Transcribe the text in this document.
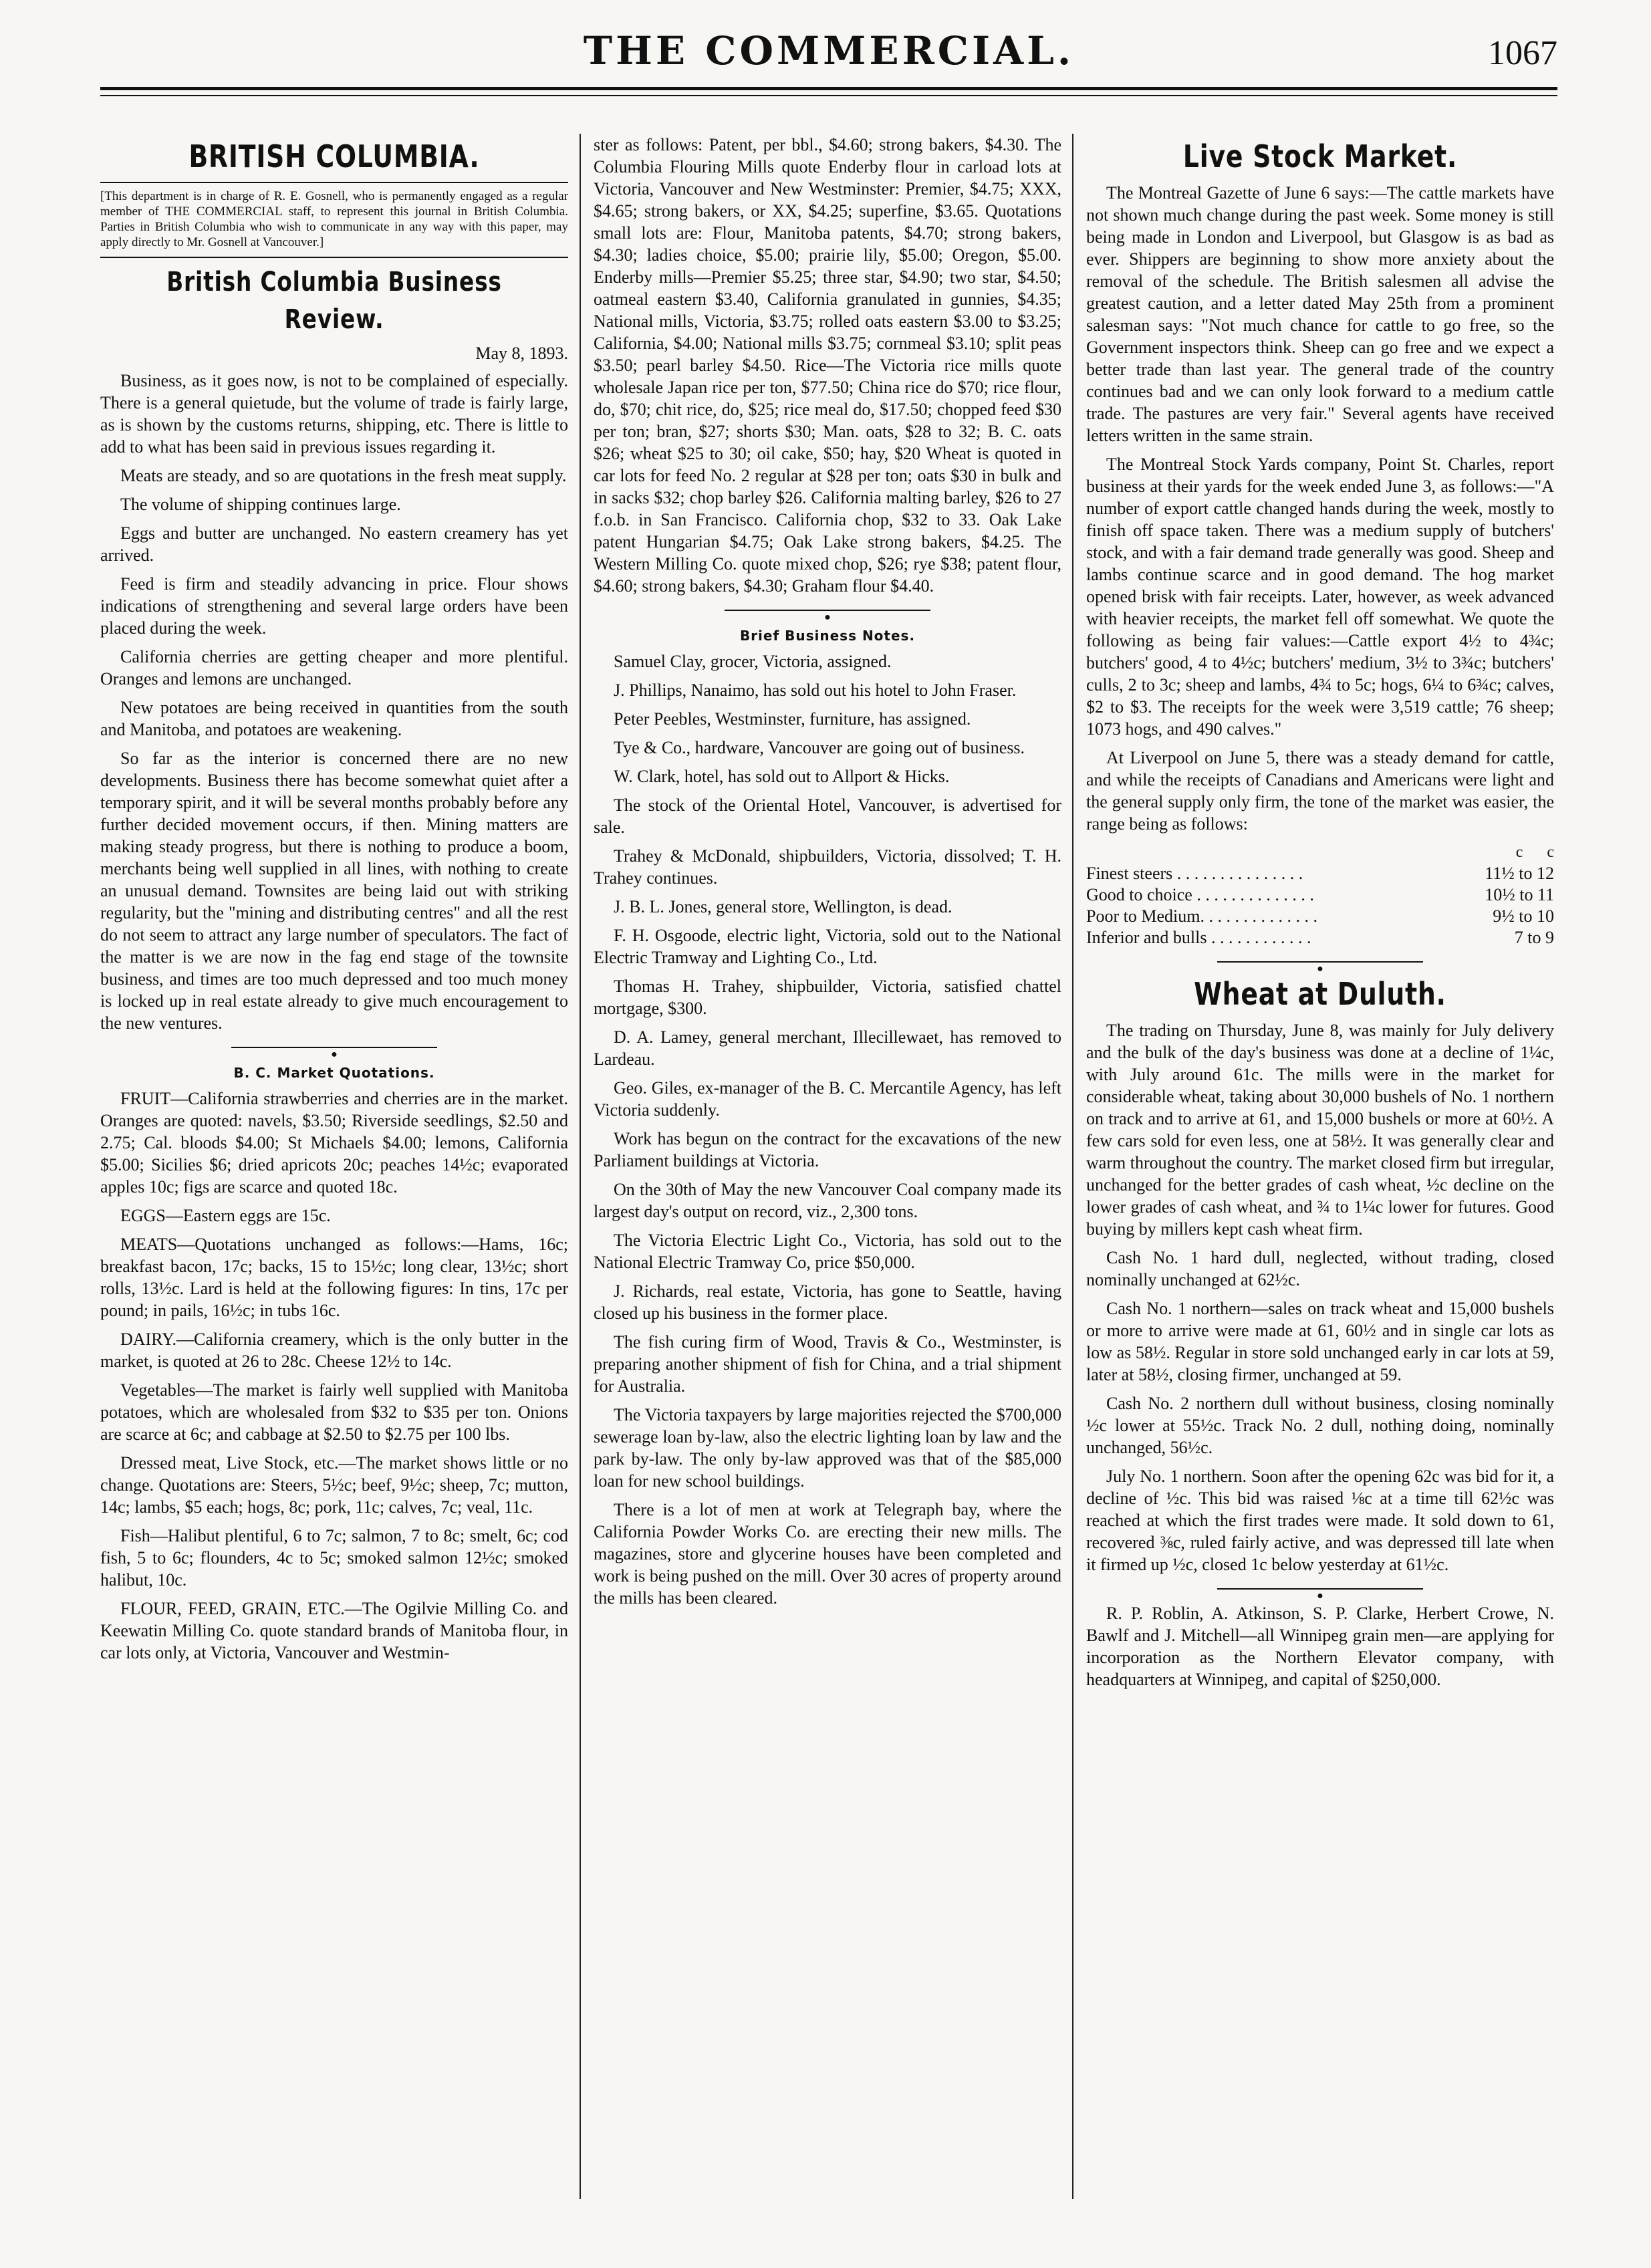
THE COMMERCIAL.	1067
BRITISH COLUMBIA.

[This department is in charge of R. E. Gosnell, who is permanently engaged as a regular member of THE COMMERCIAL staff, to represent this journal in British Columbia. Parties in British Columbia who wish to communicate in any way with this paper, may apply directly to Mr. Gosnell at Vancouver.]

British Columbia Business Review.
May 8, 1893.

Business, as it goes now, is not to be complained of especially. There is a general quietude, but the volume of trade is fairly large, as is shown by the customs returns, shipping, etc. There is little to add to what has been said in previous issues regarding it.

Meats are steady, and so are quotations in the fresh meat supply.

The volume of shipping continues large.

Eggs and butter are unchanged. No eastern creamery has yet arrived.

Feed is firm and steadily advancing in price. Flour shows indications of strengthening and several large orders have been placed during the week.

California cherries are getting cheaper and more plentiful. Oranges and lemons are unchanged.

New potatoes are being received in quantities from the south and Manitoba, and potatoes are weakening.

So far as the interior is concerned there are no new developments. Business there has become somewhat quiet after a temporary spirit, and it will be several months probably before any further decided movement occurs, if then. Mining matters are making steady progress, but there is nothing to produce a boom, merchants being well supplied in all lines, with nothing to create an unusual demand. Townsites are being laid out with striking regularity, but the "mining and distributing centres" and all the rest do not seem to attract any large number of speculators. The fact of the matter is we are now in the fag end stage of the townsite business, and times are too much depressed and too much money is locked up in real estate already to give much encouragement to the new ventures.

●
B. C. Market Quotations.

FRUIT—California strawberries and cherries are in the market. Oranges are quoted: navels, $3.50; Riverside seedlings, $2.50 and 2.75; Cal. bloods $4.00; St Michaels $4.00; lemons, California $5.00; Sicilies $6; dried apricots 20c; peaches 14½c; evaporated apples 10c; figs are scarce and quoted 18c.

EGGS—Eastern eggs are 15c.

MEATS—Quotations unchanged as follows:—Hams, 16c; breakfast bacon, 17c; backs, 15 to 15½c; long clear, 13½c; short rolls, 13½c. Lard is held at the following figures: In tins, 17c per pound; in pails, 16½c; in tubs 16c.

DAIRY.—California creamery, which is the only butter in the market, is quoted at 26 to 28c. Cheese 12½ to 14c.

Vegetables—The market is fairly well supplied with Manitoba potatoes, which are wholesaled from $32 to $35 per ton. Onions are scarce at 6c; and cabbage at $2.50 to $2.75 per 100 lbs.

Dressed meat, Live Stock, etc.—The market shows little or no change. Quotations are: Steers, 5½c; beef, 9½c; sheep, 7c; mutton, 14c; lambs, $5 each; hogs, 8c; pork, 11c; calves, 7c; veal, 11c.

Fish—Halibut plentiful, 6 to 7c; salmon, 7 to 8c; smelt, 6c; cod fish, 5 to 6c; flounders, 4c to 5c; smoked salmon 12½c; smoked halibut, 10c.

FLOUR, FEED, GRAIN, ETC.—The Ogilvie Milling Co. and Keewatin Milling Co. quote standard brands of Manitoba flour, in car lots only, at Victoria, Vancouver and Westmin-

ster as follows: Patent, per bbl., $4.60; strong bakers, $4.30. The Columbia Flouring Mills quote Enderby flour in carload lots at Victoria, Vancouver and New Westminster: Premier, $4.75; XXX, $4.65; strong bakers, or XX, $4.25; superfine, $3.65. Quotations small lots are: Flour, Manitoba patents, $4.70; strong bakers, $4.30; ladies choice, $5.00; prairie lily, $5.00; Oregon, $5.00. Enderby mills—Premier $5.25; three star, $4.90; two star, $4.50; oatmeal eastern $3.40, California granulated in gunnies, $4.35; National mills, Victoria, $3.75; rolled oats eastern $3.00 to $3.25; California, $4.00; National mills $3.75; cornmeal $3.10; split peas $3.50; pearl barley $4.50. Rice—The Victoria rice mills quote wholesale Japan rice per ton, $77.50; China rice do $70; rice flour, do, $70; chit rice, do, $25; rice meal do, $17.50; chopped feed $30 per ton; bran, $27; shorts $30; Man. oats, $28 to 32; B. C. oats $26; wheat $25 to 30; oil cake, $50; hay, $20 Wheat is quoted in car lots for feed No. 2 regular at $28 per ton; oats $30 in bulk and in sacks $32; chop barley $26. California malting barley, $26 to 27 f.o.b. in San Francisco. California chop, $32 to 33. Oak Lake patent Hungarian $4.75; Oak Lake strong bakers, $4.25. The Western Milling Co. quote mixed chop, $26; rye $38; patent flour, $4.60; strong bakers, $4.30; Graham flour $4.40.

●
Brief Business Notes.

Samuel Clay, grocer, Victoria, assigned.

J. Phillips, Nanaimo, has sold out his hotel to John Fraser.

Peter Peebles, Westminster, furniture, has assigned.

Tye & Co., hardware, Vancouver are going out of business.

W. Clark, hotel, has sold out to Allport & Hicks.

The stock of the Oriental Hotel, Vancouver, is advertised for sale.

Trahey & McDonald, shipbuilders, Victoria, dissolved; T. H. Trahey continues.

J. B. L. Jones, general store, Wellington, is dead.

F. H. Osgoode, electric light, Victoria, sold out to the National Electric Tramway and Lighting Co., Ltd.

Thomas H. Trahey, shipbuilder, Victoria, satisfied chattel mortgage, $300.

D. A. Lamey, general merchant, Illecillewaet, has removed to Lardeau.

Geo. Giles, ex-manager of the B. C. Mercantile Agency, has left Victoria suddenly.

Work has begun on the contract for the excavations of the new Parliament buildings at Victoria.

On the 30th of May the new Vancouver Coal company made its largest day's output on record, viz., 2,300 tons.

The Victoria Electric Light Co., Victoria, has sold out to the National Electric Tramway Co, price $50,000.

J. Richards, real estate, Victoria, has gone to Seattle, having closed up his business in the former place.

The fish curing firm of Wood, Travis & Co., Westminster, is preparing another shipment of fish for China, and a trial shipment for Australia.

The Victoria taxpayers by large majorities rejected the $700,000 sewerage loan by-law, also the electric lighting loan by law and the park by-law. The only by-law approved was that of the $85,000 loan for new school buildings.

There is a lot of men at work at Telegraph bay, where the California Powder Works Co. are erecting their new mills. The magazines, store and glycerine houses have been completed and work is being pushed on the mill. Over 30 acres of property around the mills has been cleared.

Live Stock Market.

The Montreal Gazette of June 6 says:—The cattle markets have not shown much change during the past week. Some money is still being made in London and Liverpool, but Glasgow is as bad as ever. Shippers are beginning to show more anxiety about the removal of the schedule. The British salesmen all advise the greatest caution, and a letter dated May 25th from a prominent salesman says: "Not much chance for cattle to go free, so the Government inspectors think. Sheep can go free and we expect a better trade than last year. The general trade of the country continues bad and we can only look forward to a medium cattle trade. The pastures are very fair." Several agents have received letters written in the same strain.

The Montreal Stock Yards company, Point St. Charles, report business at their yards for the week ended June 3, as follows:—"A number of export cattle changed hands during the week, mostly to finish off space taken. There was a medium supply of butchers' stock, and with a fair demand trade generally was good. Sheep and lambs continue scarce and in good demand. The hog market opened brisk with fair receipts. Later, however, as week advanced with heavier receipts, the market fell off somewhat. We quote the following as being fair values:—Cattle export 4½ to 4¾c; butchers' good, 4 to 4½c; butchers' medium, 3½ to 3¾c; butchers' culls, 2 to 3c; sheep and lambs, 4¾ to 5c; hogs, 6¼ to 6¾c; calves, $2 to $3. The receipts for the week were 3,519 cattle; 76 sheep; 1073 hogs, and 490 calves."

At Liverpool on June 5, there was a steady demand for cattle, and while the receipts of Canadians and Americans were light and the general supply only firm, the tone of the market was easier, the range being as follows:

	c      c
Finest steers . . . . . . . . . . . . . . .	11½ to 12
Good to choice . . . . . . . . . . . . . .	10½ to 11
Poor to Medium. . . . . . . . . . . . . .	9½ to 10
Inferior and bulls . . . . . . . . . . . .	7 to 9
●
Wheat at Duluth.

The trading on Thursday, June 8, was mainly for July delivery and the bulk of the day's business was done at a decline of 1¼c, with July around 61c. The mills were in the market for considerable wheat, taking about 30,000 bushels of No. 1 northern on track and to arrive at 61, and 15,000 bushels or more at 60½. A few cars sold for even less, one at 58½. It was generally clear and warm throughout the country. The market closed firm but irregular, unchanged for the better grades of cash wheat, ½c decline on the lower grades of cash wheat, and ¾ to 1¼c lower for futures. Good buying by millers kept cash wheat firm.

Cash No. 1 hard dull, neglected, without trading, closed nominally unchanged at 62½c.

Cash No. 1 northern—sales on track wheat and 15,000 bushels or more to arrive were made at 61, 60½ and in single car lots as low as 58½. Regular in store sold unchanged early in car lots at 59, later at 58½, closing firmer, unchanged at 59.

Cash No. 2 northern dull without business, closing nominally ½c lower at 55½c. Track No. 2 dull, nothing doing, nominally unchanged, 56½c.

July No. 1 northern. Soon after the opening 62c was bid for it, a decline of ½c. This bid was raised ⅛c at a time till 62½c was reached at which the first trades were made. It sold down to 61, recovered ⅜c, ruled fairly active, and was depressed till late when it firmed up ½c, closed 1c below yesterday at 61½c.

●

R. P. Roblin, A. Atkinson, S. P. Clarke, Herbert Crowe, N. Bawlf and J. Mitchell—all Winnipeg grain men—are applying for incorporation as the Northern Elevator company, with headquarters at Winnipeg, and capital of $250,000.
